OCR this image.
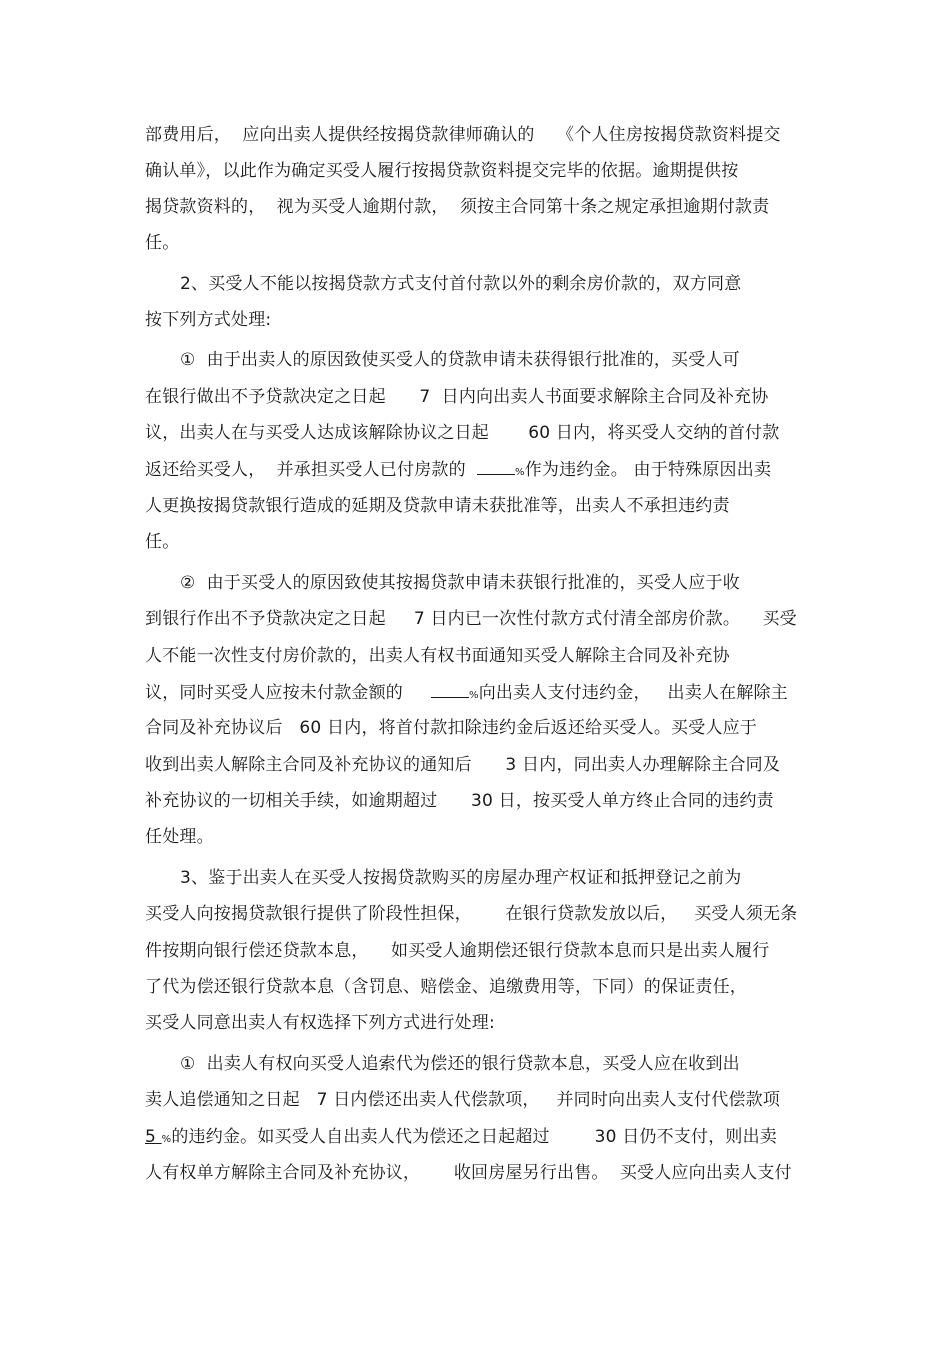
部费用后，  应向出卖人提供经按揭贷款律师确认的    《个人住房按揭贷款资料提交
确认单》，以此作为确定买受人履行按揭贷款资料提交完毕的依据。逾期提供按
揭贷款资料的，  视为买受人逾期付款，  须按主合同第十条之规定承担逾期付款责
任。
2、买受人不能以按揭贷款方式支付首付款以外的剩余房价款的，双方同意
按下列方式处理:
①  由于出卖人的原因致使买受人的贷款申请未获得银行批准的，买受人可
在银行做出不予贷款决定之日起      7  日内向出卖人书面要求解除主合同及补充协
议，出卖人在与买受人达成该解除协议之日起       60 日内，将买受人交纳的首付款
返还给买受人，  并承担买受人已付房款的	%作为违约金。 由于特殊原因出卖
人更换按揭贷款银行造成的延期及贷款申请未获批准等，出卖人不承担违约责
任。
②  由于买受人的原因致使其按揭贷款申请未获银行批准的，买受人应于收
到银行作出不予贷款决定之日起     7 日内已一次性付款方式付清全部房价款。    买受
人不能一次性支付房价款的，出卖人有权书面通知买受人解除主合同及补充协
议，同时买受人应按未付款金额的	%向出卖人支付违约金，   出卖人在解除主
合同及补充协议后   60 日内，将首付款扣除违约金后返还给买受人。买受人应于
收到出卖人解除主合同及补充协议的通知后      3 日内，同出卖人办理解除主合同及
补充协议的一切相关手续，如逾期超过      30 日，按买受人单方终止合同的违约责
任处理。
3、鉴于出卖人在买受人按揭贷款购买的房屋办理产权证和抵押登记之前为
买受人向按揭贷款银行提供了阶段性担保，      在银行贷款发放以后，   买受人须无条
件按期向银行偿还贷款本息，    如买受人逾期偿还银行贷款本息而只是出卖人履行
了代为偿还银行贷款本息（含罚息、赔偿金、追缴费用等，下同）的保证责任，
买受人同意出卖人有权选择下列方式进行处理:
①  出卖人有权向买受人追索代为偿还的银行贷款本息，买受人应在收到出
卖人追偿通知之日起   7 日内偿还出卖人代偿款项，   并同时向出卖人支付代偿款项
5 %的违约金。如买受人自出卖人代为偿还之日起超过        30 日仍不支付，则出卖
人有权单方解除主合同及补充协议，      收回房屋另行出售。  买受人应向出卖人支付
